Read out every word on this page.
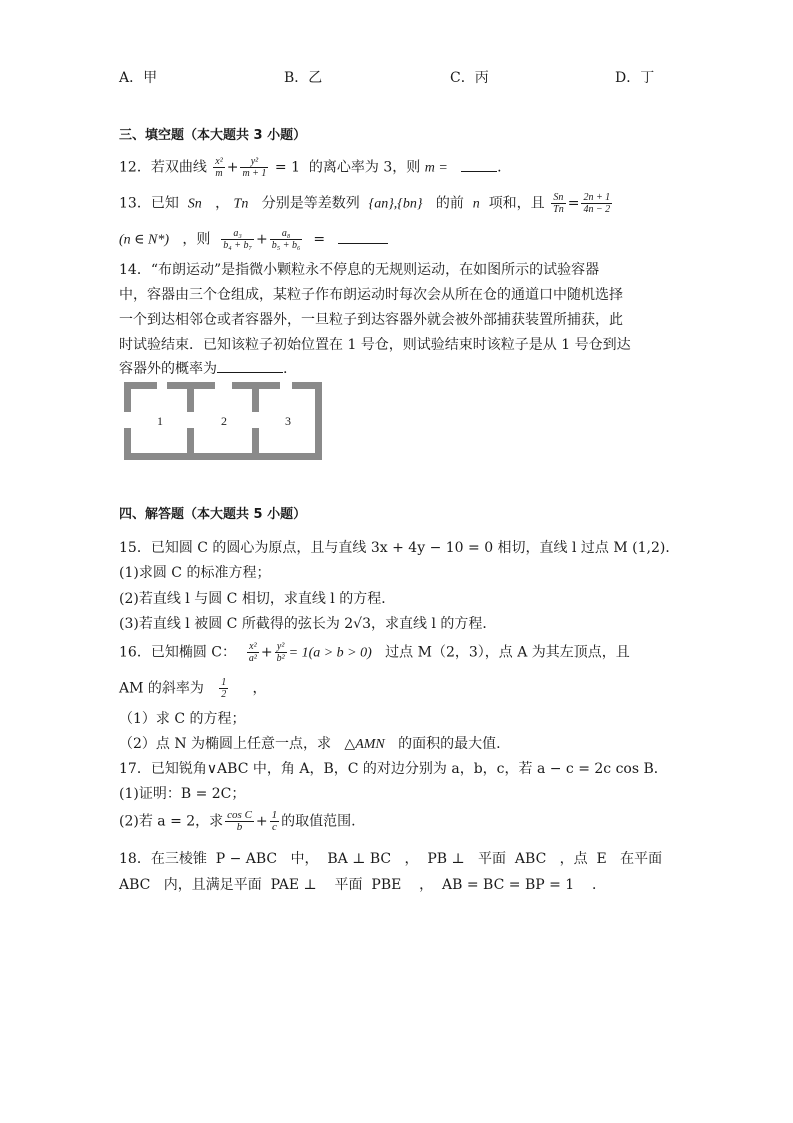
A．甲	B．乙	C．丙	D．丁
三、填空题（本大题共 3 小题）
12．若双曲线 $\frac{\text{x²}}{m} + \frac{\text{y²}}{m + 1} = 1$ 的离心率为 3，则 m =	.
13．已知 Sn ， Tn 分别是等差数列 {an},{bn} 的前 n 项和，且 $\frac{Sn}{Tn} = \frac{2n + 1}{4n - 2}$
(n ∈ N*) ，则 $\frac{\text{a₃}}{\text{b₄ + b₇}} + \frac{\text{a₈}}{\text{b₅ + b₆}}$ =
14．“布朗运动”是指微小颗粒永不停息的无规则运动，在如图所示的试验容器
中，容器由三个仓组成，某粒子作布朗运动时每次会从所在仓的通道口中随机选择
一个到达相邻仓或者容器外，一旦粒子到达容器外就会被外部捕获装置所捕获，此
时试验结束．已知该粒子初始位置在 1 号仓，则试验结束时该粒子是从 1 号仓到达
容器外的概率为	.
1	2	3
四、解答题（本大题共 5 小题）
15．已知圆 C 的圆心为原点，且与直线 3x + 4y − 10 = 0 相切，直线 l 过点 M (1,2)．
(1)求圆 C 的标准方程；
(2)若直线 l 与圆 C 相切，求直线 l 的方程．
(3)若直线 l 被圆 C 所截得的弦长为 2√3，求直线 l 的方程．
16．已知椭圆 C： $\frac{\text{x²}}{\text{a²}} + \frac{\text{y²}}{\text{b²}} = 1(a > b > 0)$ 过点 M（2，3），点 A 为其左顶点，且
AM 的斜率为 $\frac{1}{2}$ ，
（1）求 C 的方程；
（2）点 N 为椭圆上任意一点，求 △AMN 的面积的最大值.
17．已知锐角∨ABC 中，角 A，B，C 的对边分别为 a，b，c，若 a − c = 2c cos B．
(1)证明：B = 2C；
(2)若 a = 2，求 $\frac{\text{cos C}}{b} + \frac{1}{c}$ 的取值范围.
18．在三棱锥  P − ABC   中，  BA ⊥ BC   ，  PB ⊥   平面  ABC   ，点  E   在平面
ABC   内，且满足平面  PAE ⊥    平面  PBE    ，  AB = BC = BP = 1    ．
